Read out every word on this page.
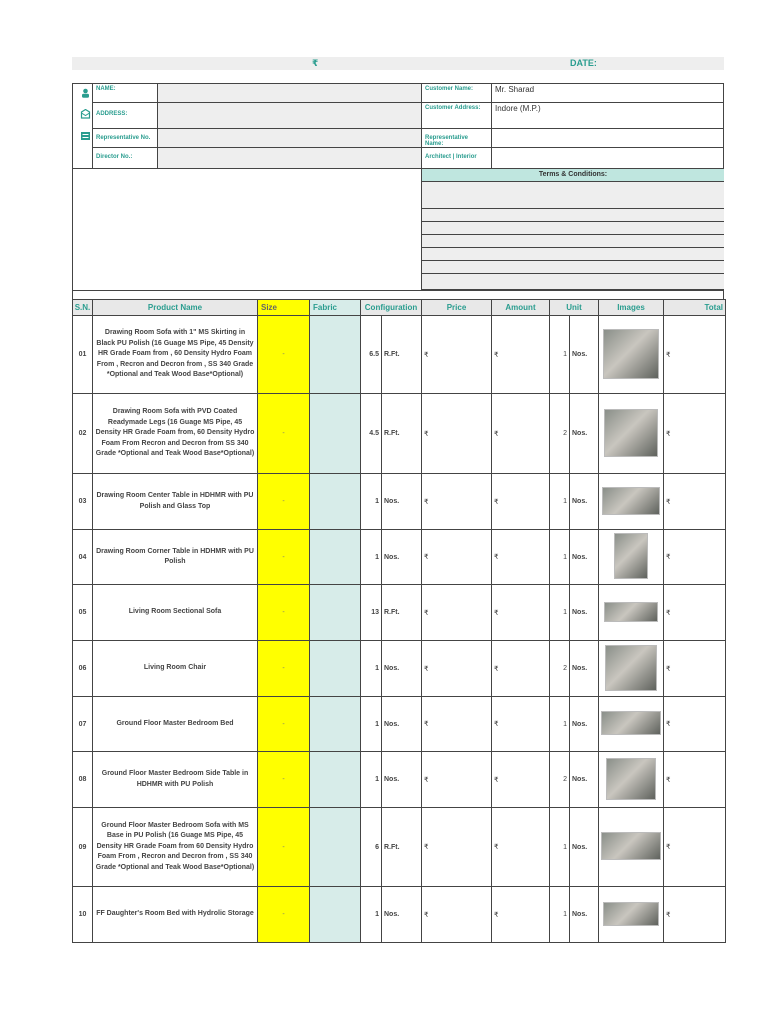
₹	DATE:
NAME:
ADDRESS:
Representative No.
Director No.:
Customer Name:	Mr. Sharad
Customer Address:	Indore (M.P.)
Representative Name:
Architect | Interior
Terms & Conditions:
S.N.	Product Name	Size	Fabric	Configuration		Price	Amount	Unit		Images	Total
01	Drawing Room Sofa with 1" MS Skirting in Black PU Polish (16 Guage MS Pipe, 45 Density HR Grade Foam from , 60 Density Hydro Foam From , Recron and Decron from , SS 340 Grade *Optional and Teak Wood Base*Optional)	-		6.5	R.Ft.	₹	₹	1	Nos.		₹
02	Drawing Room Sofa with PVD Coated Readymade Legs (16 Guage MS Pipe, 45 Density HR Grade Foam from, 60 Density Hydro Foam From Recron and Decron from SS 340 Grade *Optional and Teak Wood Base*Optional)	-		4.5	R.Ft.	₹	₹	2	Nos.		₹
03	Drawing Room Center Table in HDHMR with PU Polish and Glass Top	-		1	Nos.	₹	₹	1	Nos.		₹
04	Drawing Room Corner Table in HDHMR with PU Polish	-		1	Nos.	₹	₹	1	Nos.		₹
05	Living Room Sectional Sofa	-		13	R.Ft.	₹	₹	1	Nos.		₹
06	Living Room Chair	-		1	Nos.	₹	₹	2	Nos.		₹
07	Ground Floor Master Bedroom Bed	-		1	Nos.	₹	₹	1	Nos.		₹
08	Ground Floor Master Bedroom Side Table in HDHMR with PU Polish	-		1	Nos.	₹	₹	2	Nos.		₹
09	Ground Floor Master Bedroom Sofa with MS Base in PU Polish (16 Guage MS Pipe, 45 Density HR Grade Foam from 60 Density Hydro Foam From , Recron and Decron from , SS 340 Grade *Optional and Teak Wood Base*Optional)	-		6	R.Ft.	₹	₹	1	Nos.		₹
10	FF Daughter's Room Bed with Hydrolic Storage	-		1	Nos.	₹	₹	1	Nos.		₹
